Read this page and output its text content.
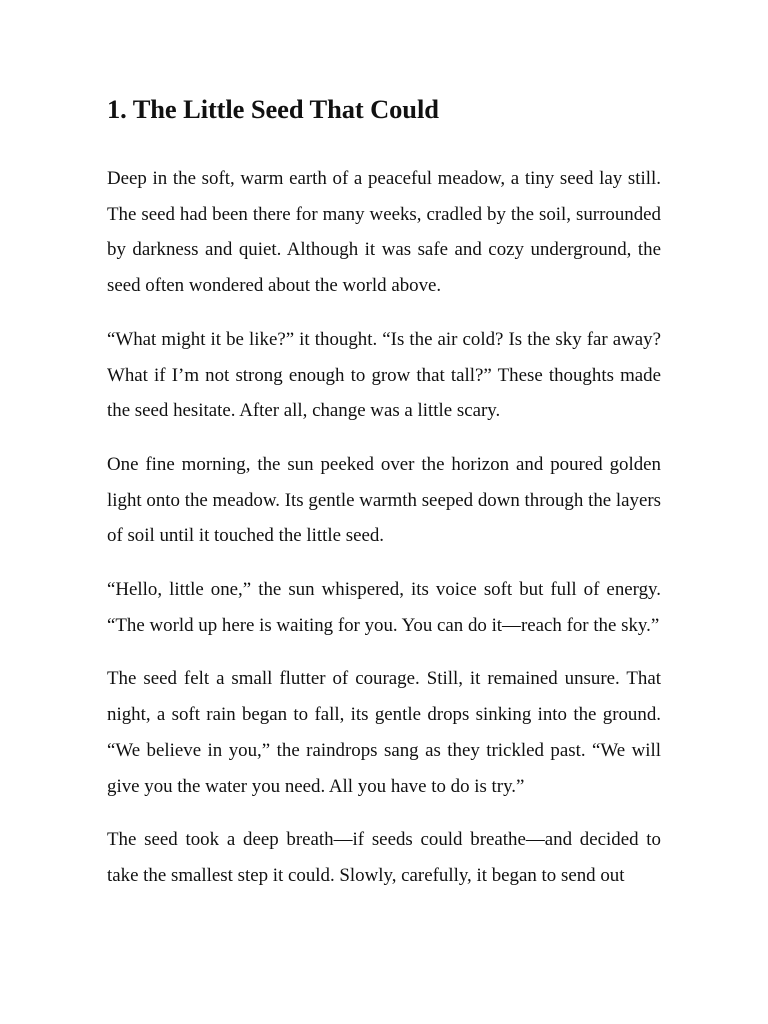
1. The Little Seed That Could

Deep in the soft, warm earth of a peaceful meadow, a tiny seed lay still. The seed had been there for many weeks, cradled by the soil, surrounded by darkness and quiet. Although it was safe and cozy underground, the seed often wondered about the world above.

“What might it be like?” it thought. “Is the air cold? Is the sky far away? What if I’m not strong enough to grow that tall?” These thoughts made the seed hesitate. After all, change was a little scary.

One fine morning, the sun peeked over the horizon and poured golden light onto the meadow. Its gentle warmth seeped down through the layers of soil until it touched the little seed.

“Hello, little one,” the sun whispered, its voice soft but full of energy. “The world up here is waiting for you. You can do it—reach for the sky.”

The seed felt a small flutter of courage. Still, it remained unsure. That night, a soft rain began to fall, its gentle drops sinking into the ground. “We believe in you,” the raindrops sang as they trickled past. “We will give you the water you need. All you have to do is try.”

The seed took a deep breath—if seeds could breathe—and decided to take the smallest step it could. Slowly, carefully, it began to send out
